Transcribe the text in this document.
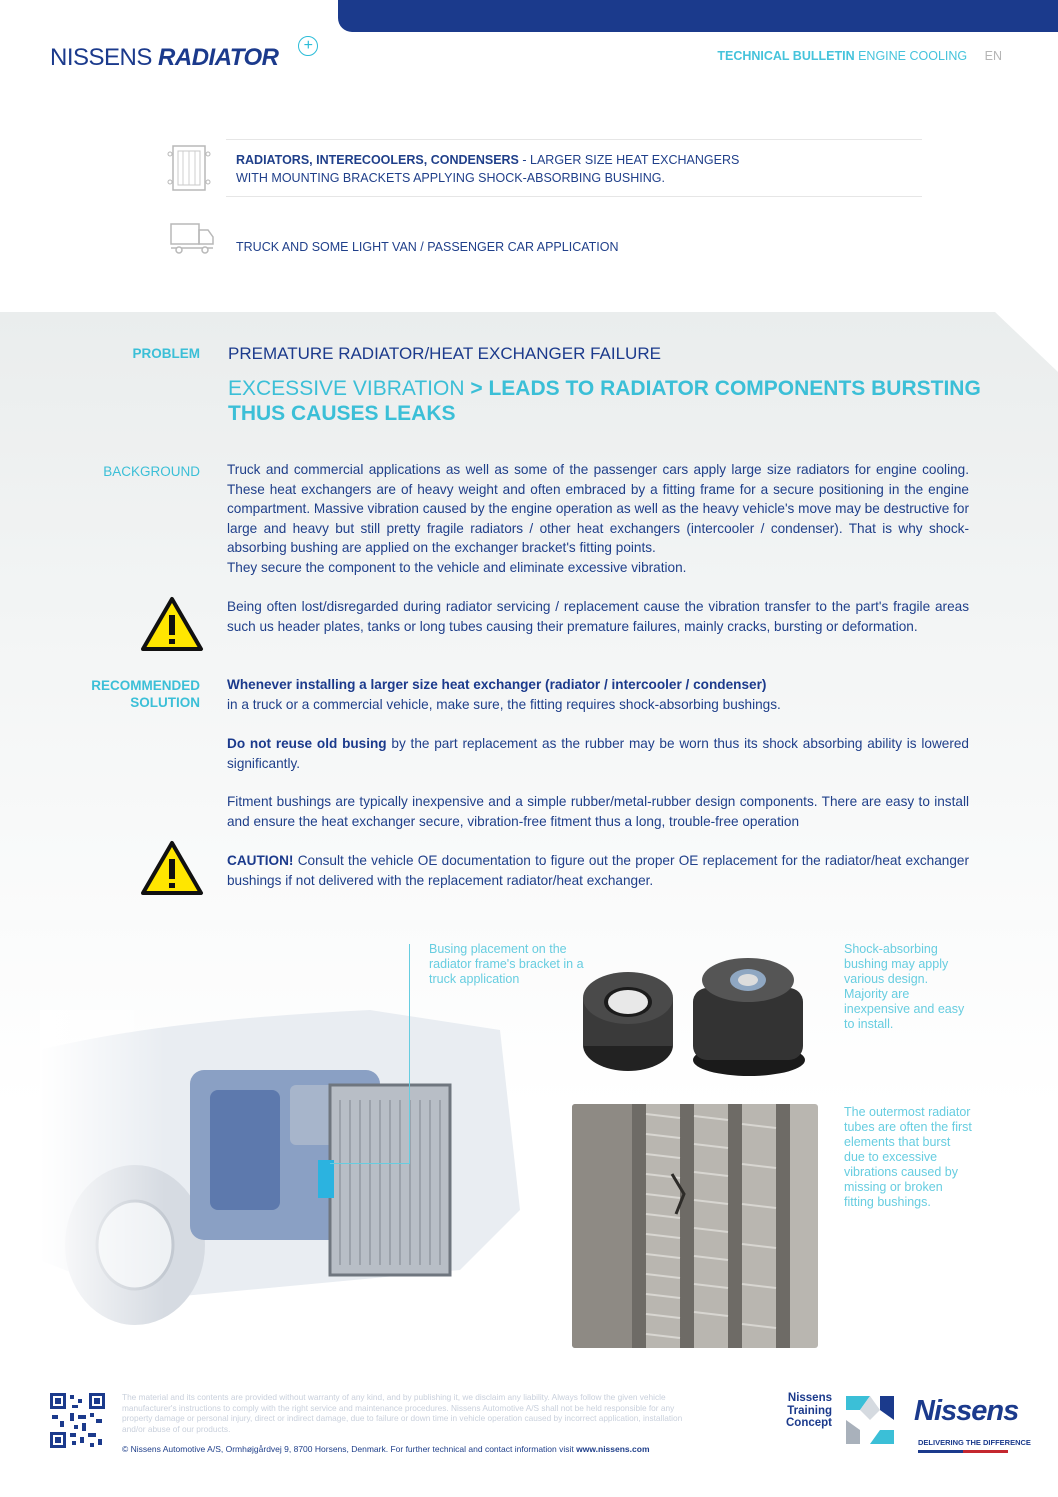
NISSENS RADIATOR	+
TECHNICAL BULLETIN ENGINE COOLING EN
RADIATORS, INTERECOOLERS, CONDENSERS - LARGER SIZE HEAT EXCHANGERS
WITH MOUNTING BRACKETS APPLYING SHOCK-ABSORBING BUSHING.
TRUCK AND SOME LIGHT VAN / PASSENGER CAR APPLICATION
PROBLEM PREMATURE RADIATOR/HEAT EXCHANGER FAILURE
EXCESSIVE VIBRATION > LEADS TO RADIATOR COMPONENTS BURSTING THUS CAUSES LEAKS
BACKGROUND Truck and commercial applications as well as some of the passenger cars apply large size radiators for engine cooling. These heat exchangers are of heavy weight and often embraced by a fitting frame for a secure positioning in the engine compartment. Massive vibration caused by the engine operation as well as the heavy vehicle's move may be destructive for large and heavy but still pretty fragile radiators / other heat exchangers (intercooler / condenser). That is why shock- absorbing bushing are applied on the exchanger bracket's fitting points.
They secure the component to the vehicle and eliminate excessive vibration.
Being often lost/disregarded during radiator servicing / replacement cause the vibration transfer to the part's fragile areas such us header plates, tanks or long tubes causing their premature failures, mainly cracks, bursting or deformation.
RECOMMENDED
SOLUTION
Whenever installing a larger size heat exchanger (radiator / intercooler / condenser)
in a truck or a commercial vehicle, make sure, the fitting requires shock-absorbing bushings.
Do not reuse old busing by the part replacement as the rubber may be worn thus its shock absorbing ability is lowered significantly.
Fitment bushings are typically inexpensive and a simple rubber/metal-rubber design components. There are easy to install and ensure the heat exchanger secure, vibration-free fitment thus a long, trouble-free operation
CAUTION! Consult the vehicle OE documentation to figure out the proper OE replacement for the radiator/heat exchanger bushings if not delivered with the replacement radiator/heat exchanger.
Busing placement on the radiator frame's bracket in a truck application
Shock-absorbing bushing may apply various design. Majority are inexpensive and easy to install.
The outermost radiator tubes are often the first elements that burst due to excessive vibrations caused by missing or broken fitting bushings.
The material and its contents are provided without warranty of any kind, and by publishing it, we disclaim any liability. Always follow the given vehicle manufacturer's instructions to comply with the right service and maintenance procedures. Nissens Automotive A/S shall not be held responsible for any property damage or personal injury, direct or indirect damage, due to failure or down time in vehicle operation caused by incorrect application, installation and/or abuse of our products.
© Nissens Automotive A/S, Ormhøjgårdvej 9, 8700 Horsens, Denmark. For further technical and contact information visit www.nissens.com
Nissens
Training
Concept	Nissens
DELIVERING THE DIFFERENCE
